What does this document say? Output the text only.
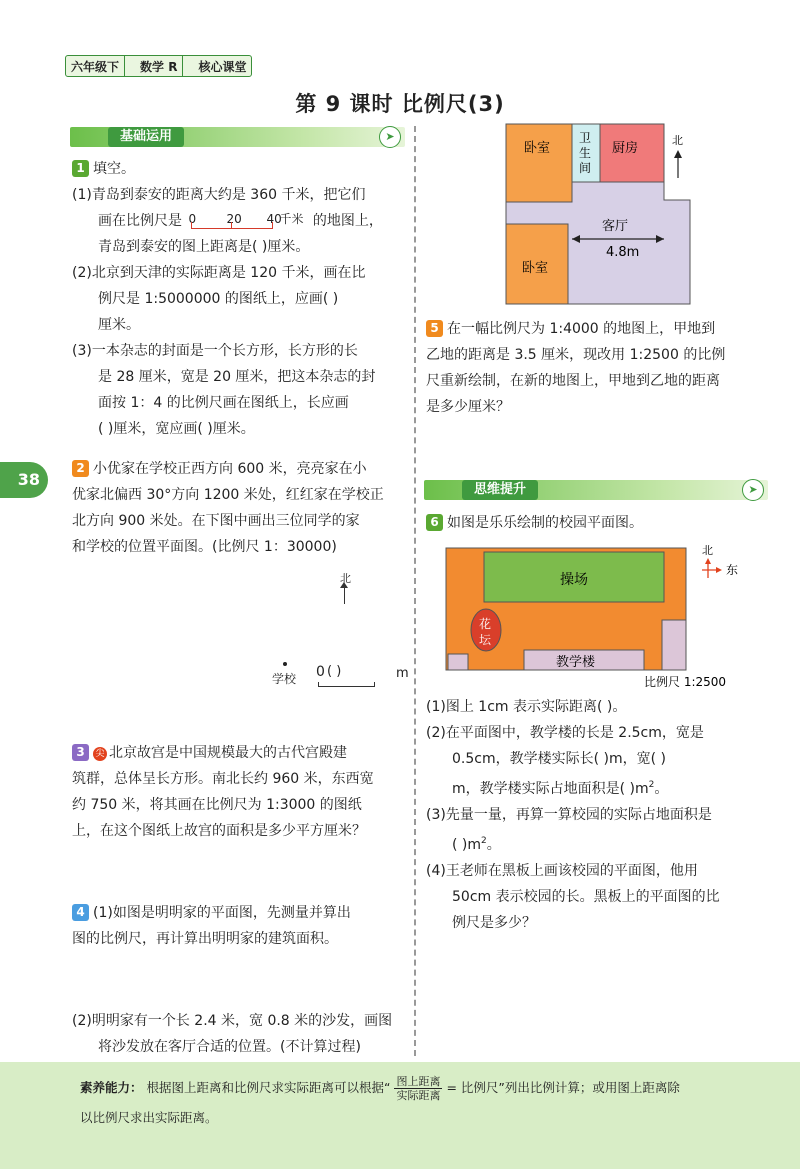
六年级下	数学 R	核心课堂
第 9 课时 比例尺(3)
基础运用	➤
38
1 填空。
(1)青岛到泰安的距离大约是 360 千米，把它们
画在比例尺是 0	20 40
千米 的地图上，
青岛到泰安的图上距离是( )厘米。
(2)北京到天津的实际距离是 120 千米，画在比
例尺是 1:5000000 的图纸上，应画( )
厘米。
(3)一本杂志的封面是一个长方形，长方形的长
是 28 厘米，宽是 20 厘米，把这本杂志的封
面按 1：4 的比例尺画在图纸上，长应画
( )厘米，宽应画( )厘米。
2 小优家在学校正西方向 600 米，亮亮家在小
优家北偏西 30°方向 1200 米处，红红家在学校正
北方向 900 米处。在下图中画出三位同学的家
和学校的位置平面图。(比例尺 1：30000)
北
学校 0 ( )	m
3 尖 北京故宫是中国规模最大的古代宫殿建
筑群，总体呈长方形。南北长约 960 米，东西宽
约 750 米，将其画在比例尺为 1:3000 的图纸
上，在这个图纸上故宫的面积是多少平方厘米？
4 (1)如图是明明家的平面图，先测量并算出
图的比例尺，再计算出明明家的建筑面积。
(2)明明家有一个长 2.4 米，宽 0.8 米的沙发，画图
将沙发放在客厅合适的位置。(不计算过程)
卧室
卫
生
间
厨房
客厅
4.8m
卧室
北
5 在一幅比例尺为 1:4000 的地图上，甲地到
乙地的距离是 3.5 厘米，现改用 1:2500 的比例
尺重新绘制，在新的地图上，甲地到乙地的距离
是多少厘米？
思维提升	➤
6 如图是乐乐绘制的校园平面图。
操场
花
坛
教学楼
北
东
比例尺 1:2500
(1)图上 1cm 表示实际距离( )。
(2)在平面图中，教学楼的长是 2.5cm，宽是
0.5cm，教学楼实际长( )m，宽( )
m，教学楼实际占地面积是( )$m^2$。
(3)先量一量，再算一算校园的实际占地面积是
( )$m^2$。
(4)王老师在黑板上画该校园的平面图，他用
50cm 表示校园的长。黑板上的平面图的比
例尺是多少？
素养能力： 根据图上距离和比例尺求实际距离可以根据“ $\frac{\text{图上距离}}{\text{实际距离}}$ = 比例尺”列出比例计算；或用图上距离除
以比例尺求出实际距离。
